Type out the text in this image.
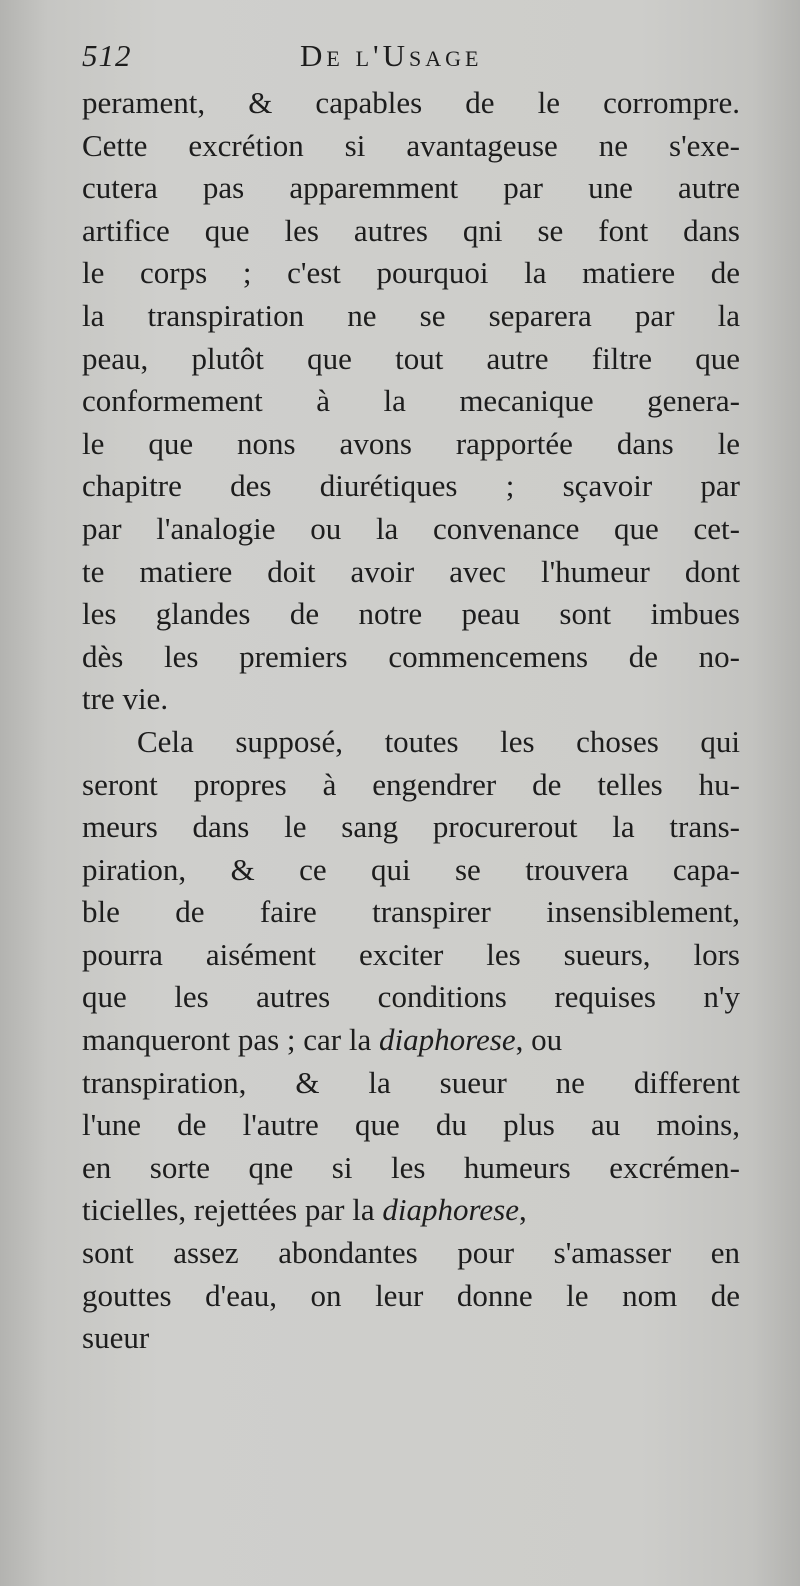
512	De l'Usage
perament, & capables de le corrompre.
Cette excrétion si avantageuse ne s'exe-
cutera pas apparemment par une autre
artifice que les autres qni se font dans
le corps ; c'est pourquoi la matiere de
la transpiration ne se separera par la
peau, plutôt que tout autre filtre que
conformement à la mecanique genera-
le que nons avons rapportée dans le
chapitre des diurétiques ; sçavoir par
par l'analogie ou la convenance que cet-
te matiere doit avoir avec l'humeur dont
les glandes de notre peau sont imbues
dès les premiers commencemens de no-
tre vie.
Cela supposé, toutes les choses qui
seront propres à engendrer de telles hu-
meurs dans le sang procurerout la trans-
piration, & ce qui se trouvera capa-
ble de faire transpirer insensiblement,
pourra aisément exciter les sueurs, lors
que les autres conditions requises n'y
manqueront pas ; car la diaphorese, ou
transpiration, & la sueur ne different
l'une de l'autre que du plus au moins,
en sorte qne si les humeurs excrémen-
ticielles, rejettées par la diaphorese,
sont assez abondantes pour s'amasser en
gouttes d'eau, on leur donne le nom de
sueur
